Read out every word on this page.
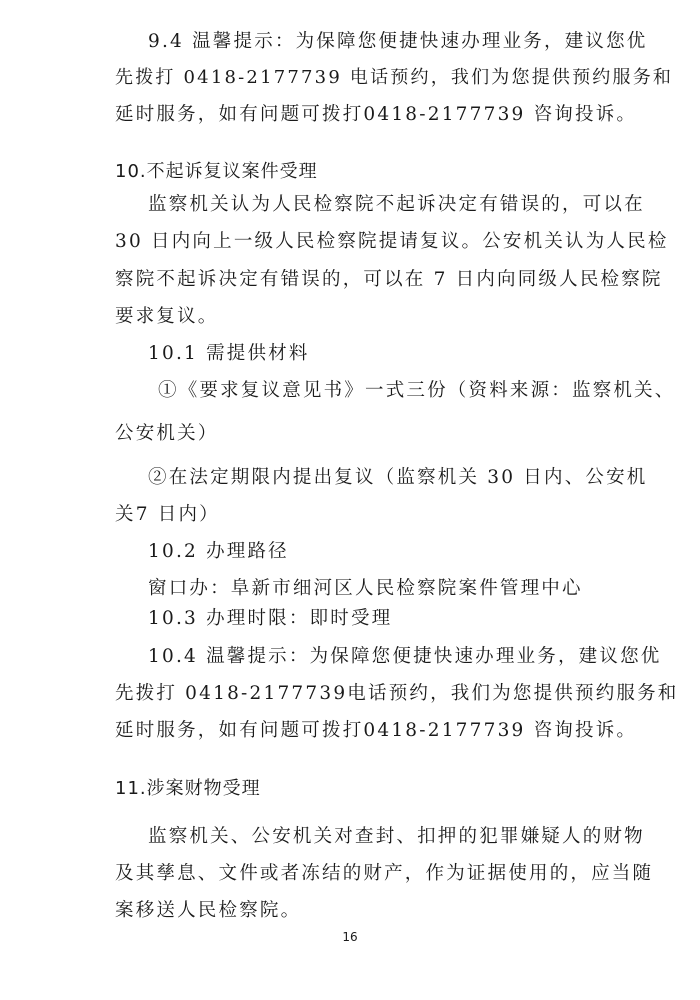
9.4 温馨提示：为保障您便捷快速办理业务，建议您优
先拨打 0418-2177739 电话预约，我们为您提供预约服务和
延时服务，如有问题可拨打0418-2177739 咨询投诉。
10.不起诉复议案件受理
监察机关认为人民检察院不起诉决定有错误的，可以在
30 日内向上一级人民检察院提请复议。公安机关认为人民检
察院不起诉决定有错误的，可以在 7 日内向同级人民检察院
要求复议。
10.1 需提供材料
①《要求复议意见书》一式三份（资料来源：监察机关、
公安机关）
②在法定期限内提出复议（监察机关 30 日内、公安机
关7 日内）
10.2 办理路径
窗口办：阜新市细河区人民检察院案件管理中心
10.3 办理时限：即时受理
10.4 温馨提示：为保障您便捷快速办理业务，建议您优
先拨打 0418-2177739电话预约，我们为您提供预约服务和
延时服务，如有问题可拨打0418-2177739 咨询投诉。
11.涉案财物受理
监察机关、公安机关对查封、扣押的犯罪嫌疑人的财物
及其孳息、文件或者冻结的财产，作为证据使用的，应当随
案移送人民检察院。
16
